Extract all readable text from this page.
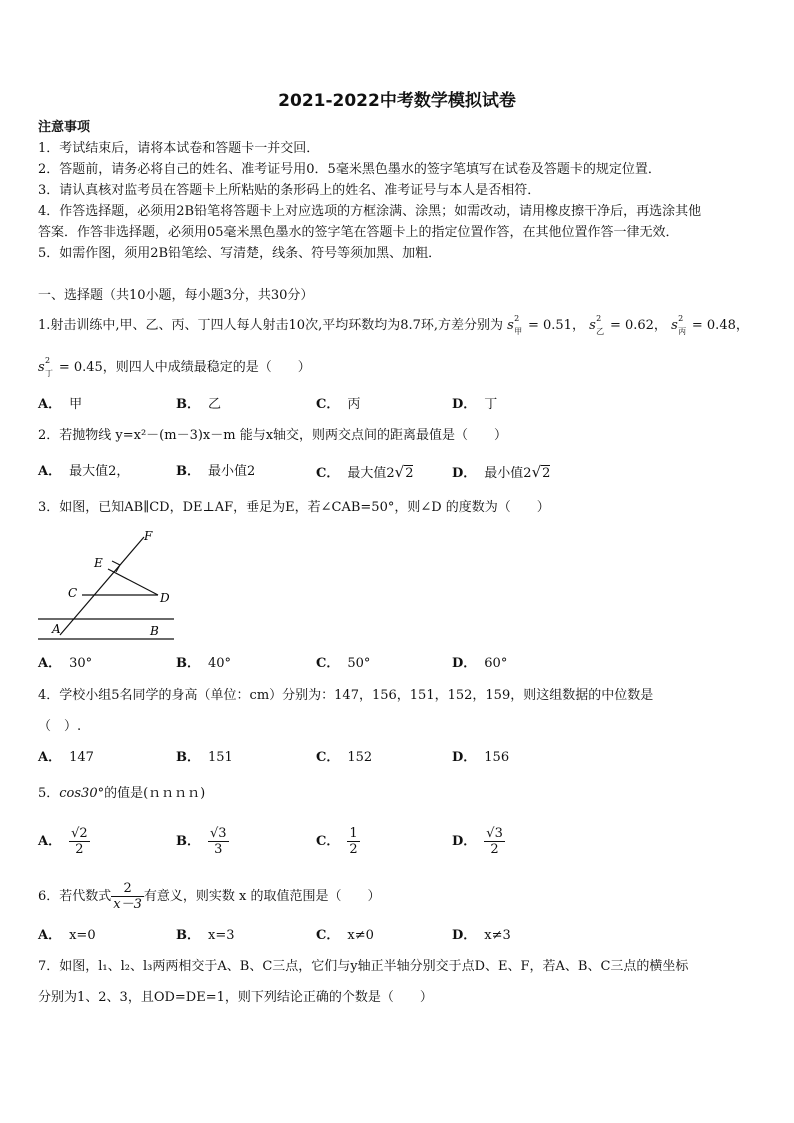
2021-2022中考数学模拟试卷
注意事项
1．考试结束后，请将本试卷和答题卡一并交回．
2．答题前，请务必将自己的姓名、准考证号用0．5毫米黑色墨水的签字笔填写在试卷及答题卡的规定位置．
3．请认真核对监考员在答题卡上所粘贴的条形码上的姓名、准考证号与本人是否相符．
4．作答选择题，必须用2B铅笔将答题卡上对应选项的方框涂满、涂黑；如需改动，请用橡皮擦干净后，再选涂其他
答案．作答非选择题，必须用05毫米黑色墨水的签字笔在答题卡上的指定位置作答，在其他位置作答一律无效．
5．如需作图，须用2B铅笔绘、写清楚，线条、符号等须加黑、加粗．
一、选择题（共10小题，每小题3分，共30分）
1.射击训练中,甲、乙、丙、丁四人每人射击10次,平均环数均为8.7环,方差分别为 s 2
甲 = 0.51， s 2
乙 = 0.62， s 2
丙 = 0.48，
s 2
丁 = 0.45，则四人中成绩最稳定的是（　　）
A． 甲	B． 乙	C． 丙	D． 丁
2．若抛物线 y=x²－(m－3)x－m 能与x轴交，则两交点间的距离最值是（　　）
A． 最大值2，	B． 最小值2	C． 最大值2√2	D． 最小值2√2
3．如图，已知AB∥CD，DE⊥AF，垂足为E，若∠CAB=50°，则∠D 的度数为（　　）
F
E
C	D
A	B
A． 30°	B． 40°	C． 50°	D． 60°
4．学校小组5名同学的身高（单位：cm）分别为：147，156，151，152，159，则这组数据的中位数是
（　）.
A． 147	B． 151	C． 152	D． 156
5．cos30°的值是(ｎｎｎｎ)
A． $\frac{√2}{2}$	B． $\frac{√3}{3}$	C． $\frac{1}{2}$	D． $\frac{√3}{2}$
6．若代数式 $\frac{2}{x-3}$ 有意义，则实数 x 的取值范围是（　　）
A． x=0	B． x=3	C． x≠0	D． x≠3
7．如图，l₁、l₂、l₃两两相交于A、B、C三点，它们与y轴正半轴分别交于点D、E、F，若A、B、C三点的横坐标
分别为1、2、3，且OD=DE=1，则下列结论正确的个数是（　　）
